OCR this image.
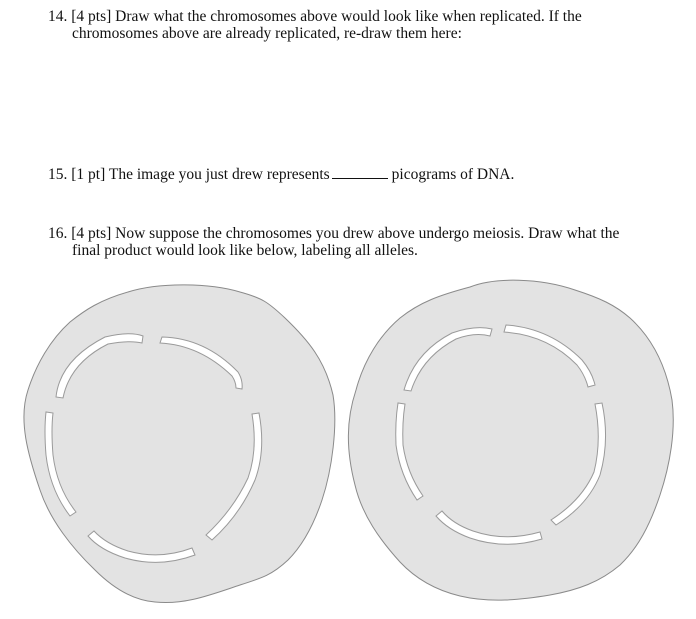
14. [4 pts] Draw what the chromosomes above would look like when replicated. If the
chromosomes above are already replicated, re-draw them here:
15. [1 pt] The image you just drew represents	picograms of DNA.
16. [4 pts] Now suppose the chromosomes you drew above undergo meiosis. Draw what the
final product would look like below, labeling all alleles.
